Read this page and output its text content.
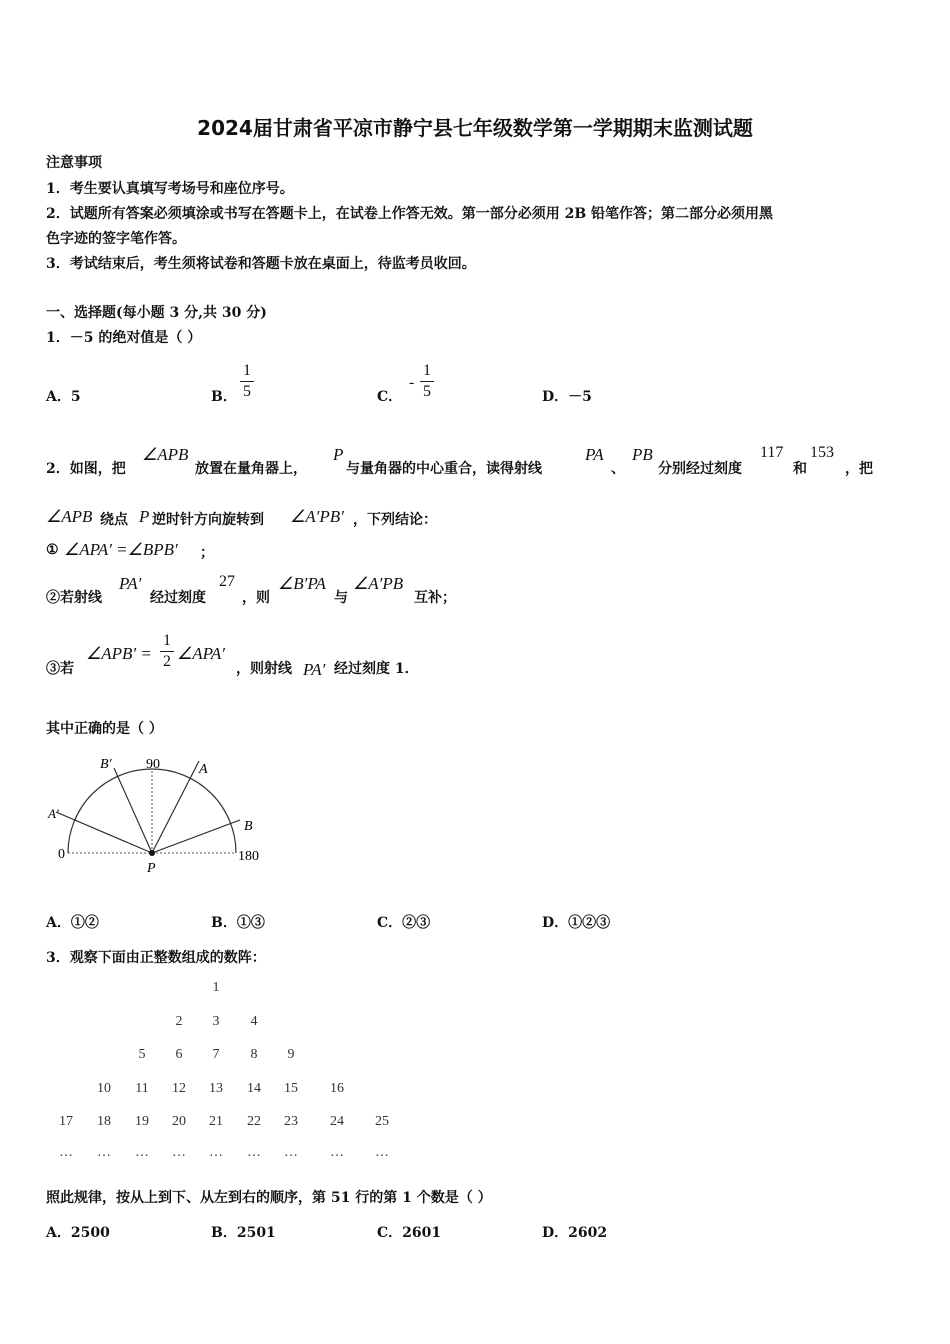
2024届甘肃省平凉市静宁县七年级数学第一学期期末监测试题
注意事项
1．考生要认真填写考场号和座位序号。
2．试题所有答案必须填涂或书写在答题卡上，在试卷上作答无效。第一部分必须用 2B 铅笔作答；第二部分必须用黑
色字迹的签字笔作答。
3．考试结束后，考生须将试卷和答题卡放在桌面上，待监考员收回。
一、选择题(每小题 3 分,共 30 分)
1．－5 的绝对值是（ ）
A．5	B．
1
5	C．
-
1
5	D．－5
2．如图，把
∠APB
放置在量角器上，
P
与量角器的中心重合，读得射线
PA
、
PB
分别经过刻度
117
和
153
，把
∠APB 绕点 P 逆时针方向旋转到 ∠A′PB′ ，下列结论：
① ∠APA′ =∠BPB′ ；
②若射线
PA′
经过刻度
27
，则
∠B′PA
与
∠A′PB
互补；
③若
∠APB′ =
1
2 ∠APA′
，则射线 PA′ 经过刻度 1．
其中正确的是（ ）
90
0	180
A
B
A′
B′
P
A．①②	B．①③	C．②③	D．①②③
3．观察下面由正整数组成的数阵：
1
2	3	4
5	6	7	8	9
10	11	12	13	14	15	16
17	18	19	20	21	22	23	24	25
…	…	…	…	…	…	…	…	…
照此规律，按从上到下、从左到右的顺序，第 51 行的第 1 个数是（ ）
A．2500	B．2501	C．2601	D．2602
